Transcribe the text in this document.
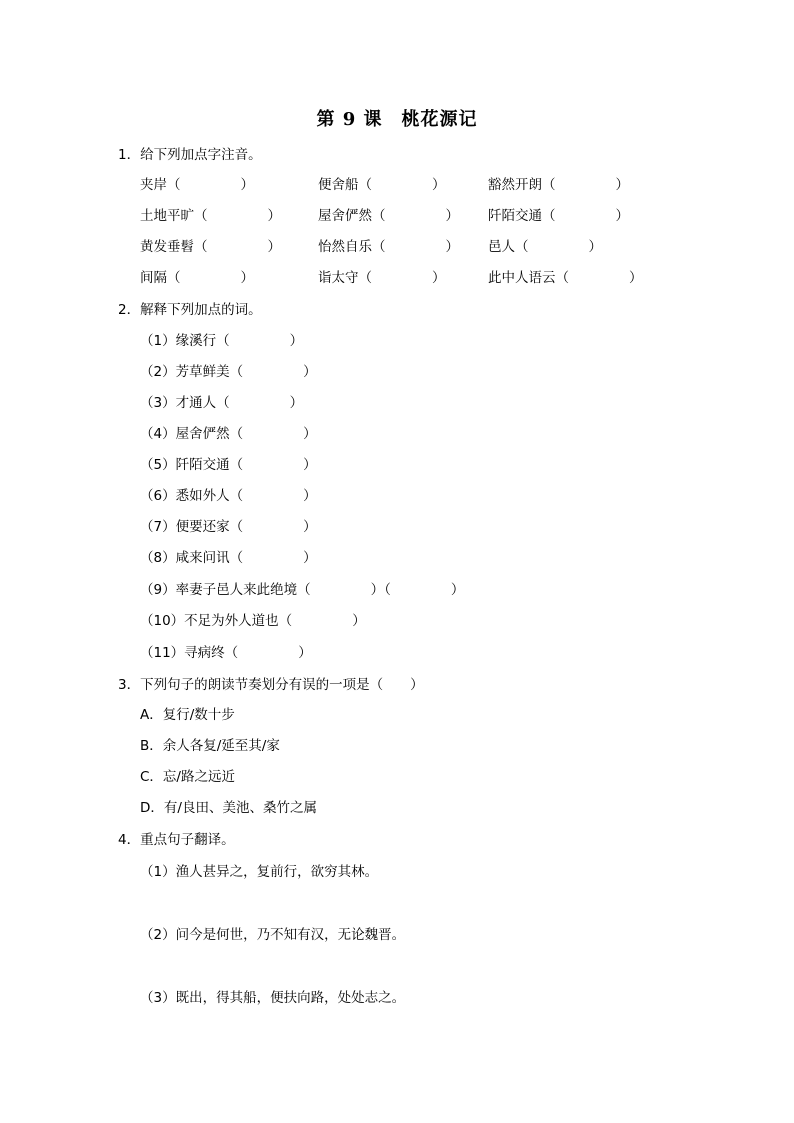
第 9 课　桃花源记
1．给下列加点字注音。
夹岸（	）	便舍船（	）	豁然开朗（	）
土地平旷（	）	屋舍俨然（	） 阡陌交通（	）
黄发垂髫（	）	怡然自乐（	） 邑人（	）
间隔（	）	诣太守（	）	此中人语云（	）
2．解释下列加点的词。
（1）缘溪行（	）
（2）芳草鲜美（	）
（3）才通人（	）
（4）屋舍俨然（	）
（5）阡陌交通（	）
（6）悉如外人（	）
（7）便要还家（	）
（8）咸来问讯（	）
（9）率妻子邑人来此绝境（	）（	）
（10）不足为外人道也（	）
（11）寻病终（	）
3．下列句子的朗读节奏划分有误的一项是（　　）
A．复行/数十步
B．余人各复/延至其/家
C．忘/路之远近
D．有/良田、美池、桑竹之属
4．重点句子翻译。
（1）渔人甚异之，复前行，欲穷其林。
（2）问今是何世，乃不知有汉，无论魏晋。
（3）既出，得其船，便扶向路，处处志之。
